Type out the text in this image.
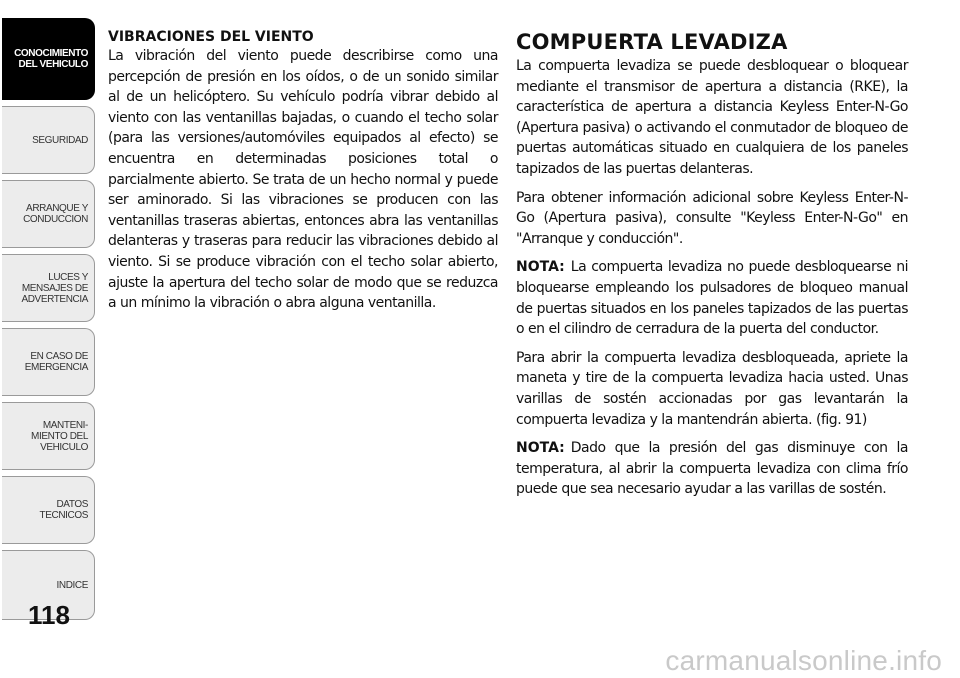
CONOCIMIENTO
DEL VEHICULO
SEGURIDAD
ARRANQUE Y
CONDUCCION
LUCES Y
MENSAJES DE
ADVERTENCIA
EN CASO DE
EMERGENCIA
MANTENI-
MIENTO DEL
VEHICULO
DATOS
TECNICOS
INDICE
118
VIBRACIONES DEL VIENTO

La vibración del viento puede describirse como una percepción de presión en los oídos, o de un sonido similar al de un helicóptero. Su vehículo podría vibrar debido al viento con las ventanillas bajadas, o cuando el techo solar (para las versiones/automóviles equipados al efecto) se encuentra en determinadas posiciones total o parcialmente abierto. Se trata de un hecho normal y puede ser aminorado. Si las vibraciones se producen con las ventanillas traseras abiertas, entonces abra las ventanillas delanteras y traseras para reducir las vibraciones debido al viento. Si se produce vibración con el techo solar abierto, ajuste la apertura del techo solar de modo que se reduzca a un mínimo la vibración o abra alguna ventanilla.

COMPUERTA LEVADIZA

La compuerta levadiza se puede desbloquear o bloquear mediante el transmisor de apertura a distancia (RKE), la característica de apertura a distancia Keyless Enter-N-Go (Apertura pasiva) o activando el conmutador de bloqueo de puertas automáticas situado en cualquiera de los paneles tapizados de las puertas delanteras.

Para obtener información adicional sobre Keyless Enter-N-Go (Apertura pasiva), consulte "Keyless Enter-N-Go" en "Arranque y conducción".

NOTA: La compuerta levadiza no puede desbloquearse ni bloquearse empleando los pulsadores de bloqueo manual de puertas situados en los paneles tapizados de las puertas o en el cilindro de cerradura de la puerta del conductor.

Para abrir la compuerta levadiza desbloqueada, apriete la maneta y tire de la compuerta levadiza hacia usted. Unas varillas de sostén accionadas por gas levantarán la compuerta levadiza y la mantendrán abierta. (fig. 91)

NOTA: Dado que la presión del gas disminuye con la temperatura, al abrir la compuerta levadiza con clima frío puede que sea necesario ayudar a las varillas de sostén.

carmanualsonline.info
